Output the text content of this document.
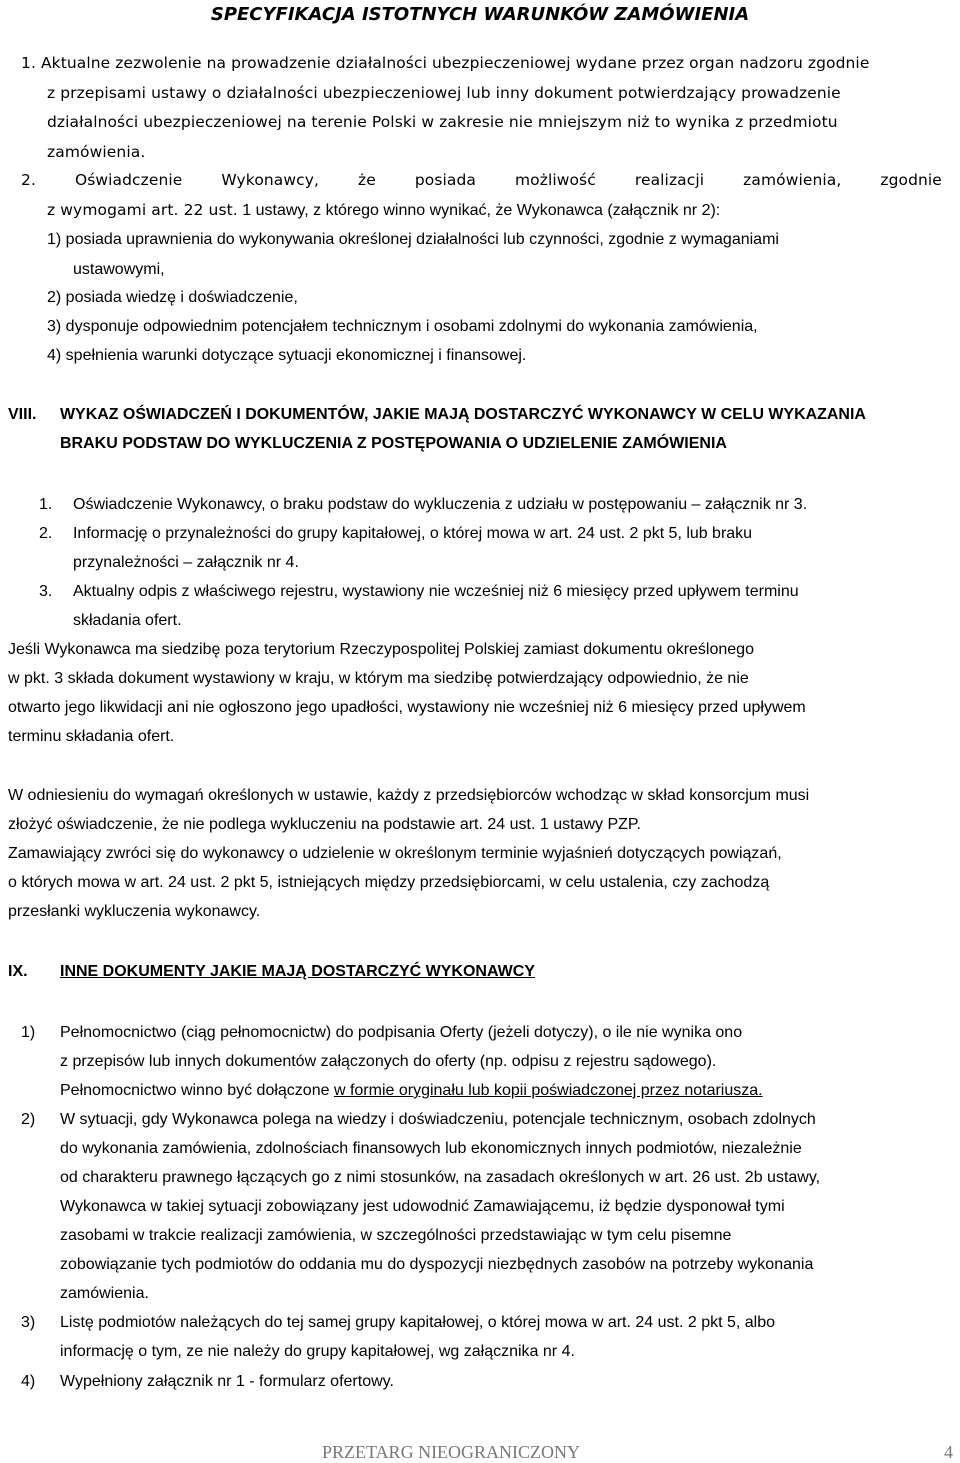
SPECYFIKACJA ISTOTNYCH WARUNKÓW ZAMÓWIENIA
1. Aktualne zezwolenie na prowadzenie działalności ubezpieczeniowej wydane przez organ nadzoru zgodnie
z przepisami ustawy o działalności ubezpieczeniowej lub inny dokument potwierdzający prowadzenie
działalności ubezpieczeniowej na terenie Polski w zakresie nie mniejszym niż to wynika z przedmiotu
zamówienia.
2. Oświadczenie Wykonawcy, że posiada możliwość realizacji zamówienia, zgodnie
z wymogami art. 22 ust. 1 ustawy, z którego winno wynikać, że Wykonawca (załącznik nr 2):
1) posiada uprawnienia do wykonywania określonej działalności lub czynności, zgodnie z wymaganiami
ustawowymi,
2) posiada wiedzę i doświadczenie,
3) dysponuje odpowiednim potencjałem technicznym i osobami zdolnymi do wykonania zamówienia,
4) spełnienia warunki dotyczące sytuacji ekonomicznej i finansowej.
VIII. WYKAZ OŚWIADCZEŃ I DOKUMENTÓW, JAKIE MAJĄ DOSTARCZYĆ WYKONAWCY W CELU WYKAZANIA
BRAKU PODSTAW DO WYKLUCZENIA Z POSTĘPOWANIA O UDZIELENIE ZAMÓWIENIA
1. Oświadczenie Wykonawcy, o braku podstaw do wykluczenia z udziału w postępowaniu – załącznik nr 3.
2. Informację o przynależności do grupy kapitałowej, o której mowa w art. 24 ust. 2 pkt 5, lub braku
przynależności – załącznik nr 4.
3. Aktualny odpis z właściwego rejestru, wystawiony nie wcześniej niż 6 miesięcy przed upływem terminu
składania ofert.
Jeśli Wykonawca ma siedzibę poza terytorium Rzeczypospolitej Polskiej zamiast dokumentu określonego
w pkt. 3 składa dokument wystawiony w kraju, w którym ma siedzibę potwierdzający odpowiednio, że nie
otwarto jego likwidacji ani nie ogłoszono jego upadłości, wystawiony nie wcześniej niż 6 miesięcy przed upływem
terminu składania ofert.
W odniesieniu do wymagań określonych w ustawie, każdy z przedsiębiorców wchodząc w skład konsorcjum musi
złożyć oświadczenie, że nie podlega wykluczeniu na podstawie art. 24 ust. 1 ustawy PZP.
Zamawiający zwróci się do wykonawcy o udzielenie w określonym terminie wyjaśnień dotyczących powiązań,
o których mowa w art. 24 ust. 2 pkt 5, istniejących między przedsiębiorcami, w celu ustalenia, czy zachodzą
przesłanki wykluczenia wykonawcy.
IX. INNE DOKUMENTY JAKIE MAJĄ DOSTARCZYĆ WYKONAWCY
1) Pełnomocnictwo (ciąg pełnomocnictw) do podpisania Oferty (jeżeli dotyczy), o ile nie wynika ono
z przepisów lub innych dokumentów załączonych do oferty (np. odpisu z rejestru sądowego).
Pełnomocnictwo winno być dołączone w formie oryginału lub kopii poświadczonej przez notariusza.
2) W sytuacji, gdy Wykonawca polega na wiedzy i doświadczeniu, potencjale technicznym, osobach zdolnych
do wykonania zamówienia, zdolnościach finansowych lub ekonomicznych innych podmiotów, niezależnie
od charakteru prawnego łączących go z nimi stosunków, na zasadach określonych w art. 26 ust. 2b ustawy,
Wykonawca w takiej sytuacji zobowiązany jest udowodnić Zamawiającemu, iż będzie dysponował tymi
zasobami w trakcie realizacji zamówienia, w szczególności przedstawiając w tym celu pisemne
zobowiązanie tych podmiotów do oddania mu do dyspozycji niezbędnych zasobów na potrzeby wykonania
zamówienia.
3) Listę podmiotów należących do tej samej grupy kapitałowej, o której mowa w art. 24 ust. 2 pkt 5, albo
informację o tym, ze nie należy do grupy kapitałowej, wg załącznika nr 4.
4) Wypełniony załącznik nr 1 - formularz ofertowy.
PRZETARG NIEOGRANICZONY	4
